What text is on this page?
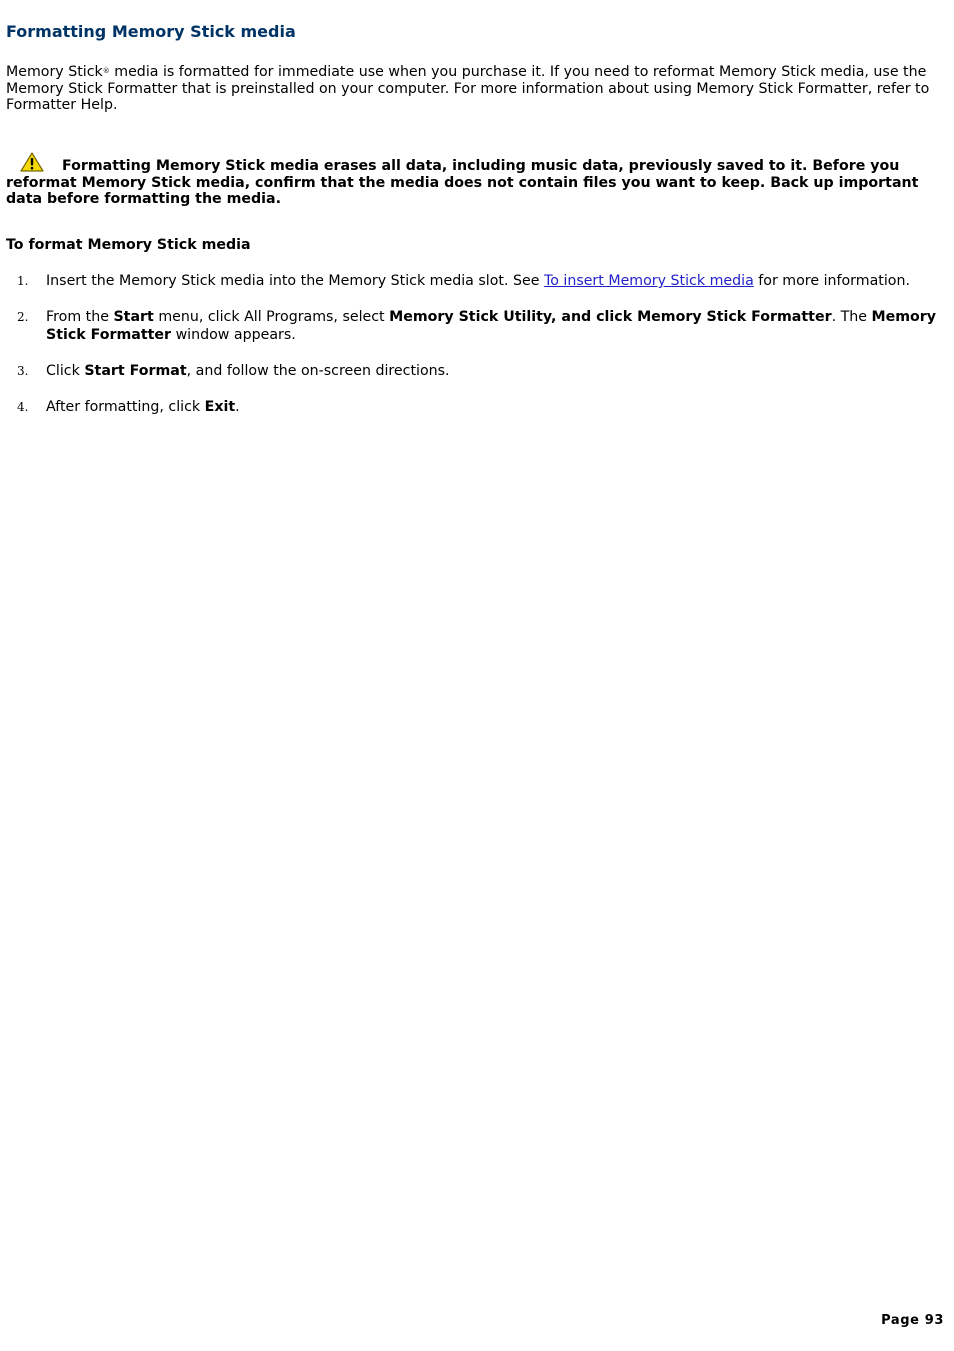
Formatting Memory Stick media

Memory Stick® media is formatted for immediate use when you purchase it. If you need to reformat Memory Stick media, use the Memory Stick Formatter that is preinstalled on your computer. For more information about using Memory Stick Formatter, refer to Formatter Help.

Formatting Memory Stick media erases all data, including music data, previously saved to it. Before you reformat Memory Stick media, confirm that the media does not contain files you want to keep. Back up important data before formatting the media.

To format Memory Stick media
1. Insert the Memory Stick media into the Memory Stick media slot. See To insert Memory Stick media for more information.
2. From the Start menu, click All Programs, select Memory Stick Utility, and click Memory Stick Formatter. The Memory Stick Formatter window appears.
3. Click Start Format, and follow the on-screen directions.
4. After formatting, click Exit.
Page 93
